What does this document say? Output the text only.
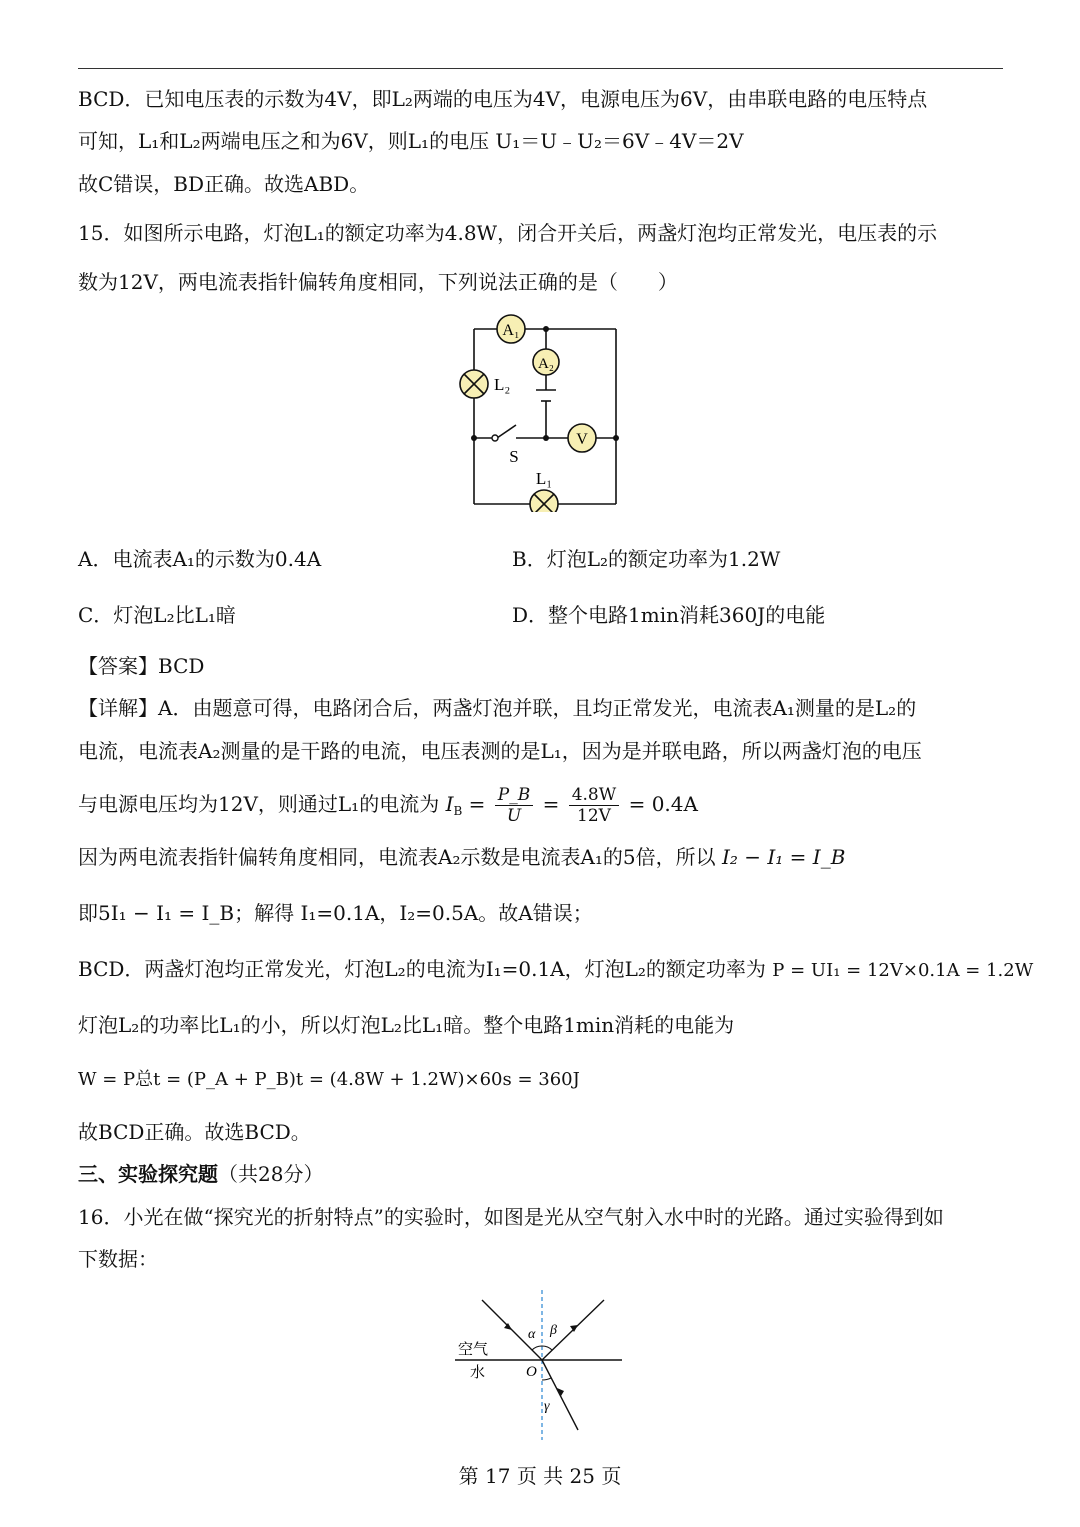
BCD．已知电压表的示数为4V，即L₂两端的电压为4V，电源电压为6V，由串联电路的电压特点
可知，L₁和L₂两端电压之和为6V，则L₁的电压 U₁＝U﹣U₂＝6V﹣4V＝2V
故C错误，BD正确。故选ABD。
15．如图所示电路，灯泡L₁的额定功率为4.8W，闭合开关后，两盏灯泡均正常发光，电压表的示
数为12V，两电流表指针偏转角度相同，下列说法正确的是（　　）
A₁
A₂
V
L₂
L₁
S
A．电流表A₁的示数为0.4A	B．灯泡L₂的额定功率为1.2W
C．灯泡L₂比L₁暗	D．整个电路1min消耗360J的电能
【答案】BCD
【详解】A．由题意可得，电路闭合后，两盏灯泡并联，且均正常发光，电流表A₁测量的是L₂的
电流，电流表A₂测量的是干路的电流，电压表测的是L₁，因为是并联电路，所以两盏灯泡的电压
与电源电压均为12V，则通过L₁的电流为 $I_B = \frac{P\_B}{U} = \frac{4.8W}{12V} = 0.4A$
因为两电流表指针偏转角度相同，电流表A₂示数是电流表A₁的5倍，所以 I₂ − I₁ = I_B
即5I₁ − I₁ = I_B；解得 I₁=0.1A，I₂=0.5A。故A错误；
BCD．两盏灯泡均正常发光，灯泡L₂的电流为I₁=0.1A，灯泡L₂的额定功率为 P = UI₁ = 12V×0.1A = 1.2W
灯泡L₂的功率比L₁的小，所以灯泡L₂比L₁暗。整个电路1min消耗的电能为
W = P总t = (P_A + P_B)t = (4.8W + 1.2W)×60s = 360J
故BCD正确。故选BCD。
三、实验探究题（共28分）
16．小光在做“探究光的折射特点”的实验时，如图是光从空气射入水中时的光路。通过实验得到如
下数据：
空气
水	O
α β
γ
第 17 页 共 25 页
